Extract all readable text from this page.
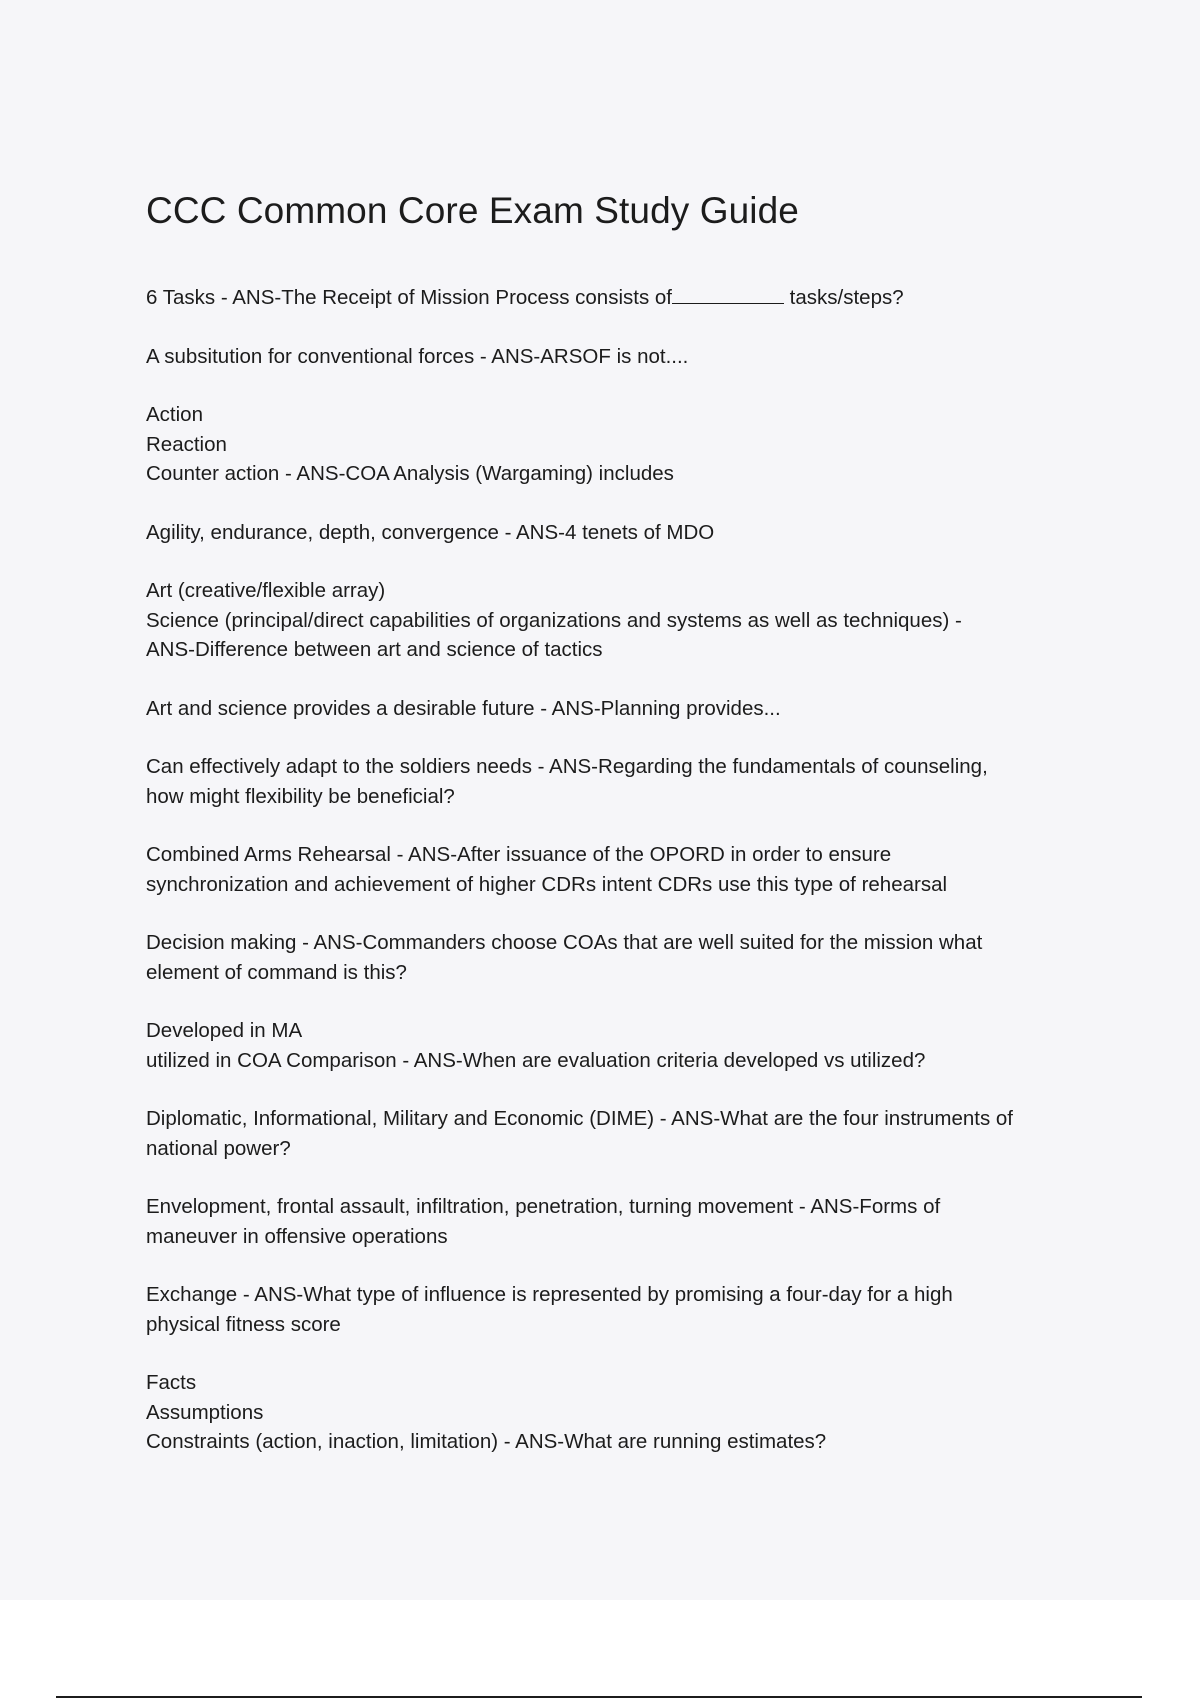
CCC Common Core Exam Study Guide
6 Tasks - ANS-The Receipt of Mission Process consists of	tasks/steps?
A subsitution for conventional forces - ANS-ARSOF is not....
Action
Reaction
Counter action - ANS-COA Analysis (Wargaming) includes
Agility, endurance, depth, convergence - ANS-4 tenets of MDO
Art (creative/flexible array)
Science (principal/direct capabilities of organizations and systems as well as techniques) -
ANS-Difference between art and science of tactics
Art and science provides a desirable future - ANS-Planning provides...
Can effectively adapt to the soldiers needs - ANS-Regarding the fundamentals of counseling,
how might flexibility be beneficial?
Combined Arms Rehearsal - ANS-After issuance of the OPORD in order to ensure
synchronization and achievement of higher CDRs intent CDRs use this type of rehearsal
Decision making - ANS-Commanders choose COAs that are well suited for the mission what
element of command is this?
Developed in MA
utilized in COA Comparison - ANS-When are evaluation criteria developed vs utilized?
Diplomatic, Informational, Military and Economic (DIME) - ANS-What are the four instruments of
national power?
Envelopment, frontal assault, infiltration, penetration, turning movement - ANS-Forms of
maneuver in offensive operations
Exchange - ANS-What type of influence is represented by promising a four-day for a high
physical fitness score
Facts
Assumptions
Constraints (action, inaction, limitation) - ANS-What are running estimates?
